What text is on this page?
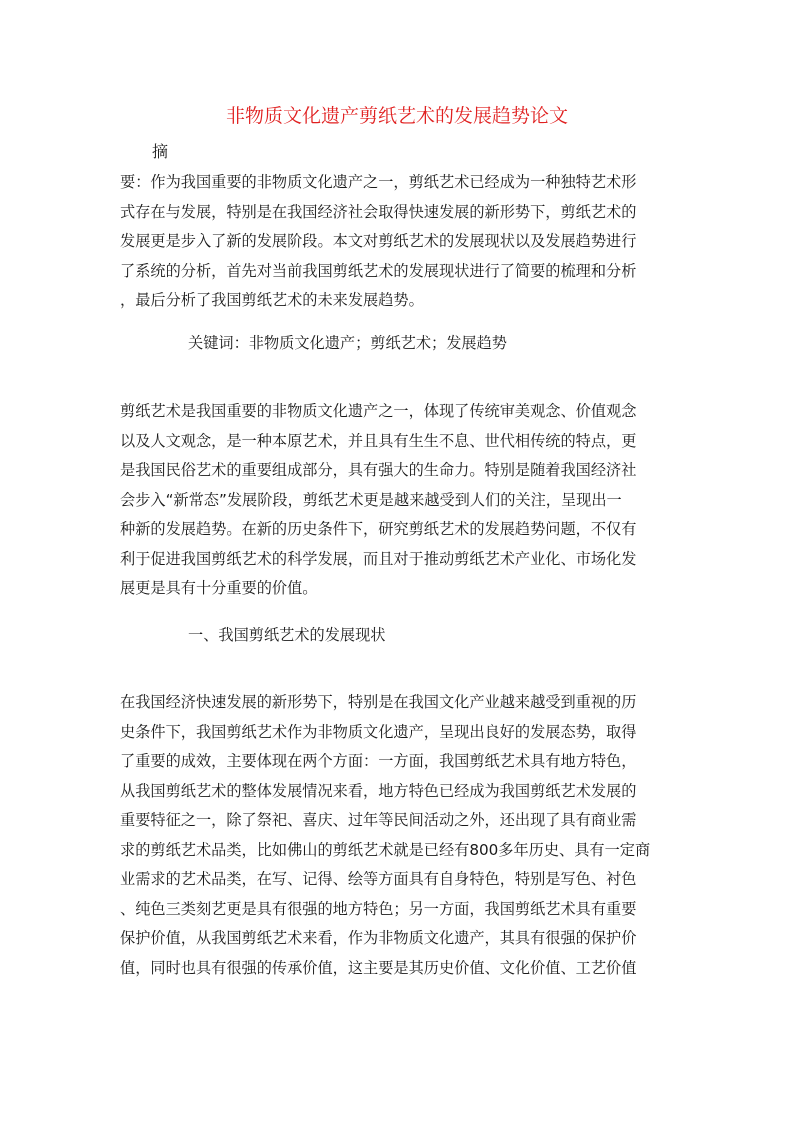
非物质文化遗产剪纸艺术的发展趋势论文
摘
要：作为我国重要的非物质文化遗产之一，剪纸艺术已经成为一种独特艺术形
式存在与发展，特别是在我国经济社会取得快速发展的新形势下，剪纸艺术的
发展更是步入了新的发展阶段。本文对剪纸艺术的发展现状以及发展趋势进行
了系统的分析，首先对当前我国剪纸艺术的发展现状进行了简要的梳理和分析
，最后分析了我国剪纸艺术的未来发展趋势。
关键词：非物质文化遗产；剪纸艺术；发展趋势
剪纸艺术是我国重要的非物质文化遗产之一，体现了传统审美观念、价值观念
以及人文观念，是一种本原艺术，并且具有生生不息、世代相传统的特点，更
是我国民俗艺术的重要组成部分，具有强大的生命力。特别是随着我国经济社
会步入“新常态”发展阶段，剪纸艺术更是越来越受到人们的关注，呈现出一
种新的发展趋势。在新的历史条件下，研究剪纸艺术的发展趋势问题，不仅有
利于促进我国剪纸艺术的科学发展，而且对于推动剪纸艺术产业化、市场化发
展更是具有十分重要的价值。
一、我国剪纸艺术的发展现状
在我国经济快速发展的新形势下，特别是在我国文化产业越来越受到重视的历
史条件下，我国剪纸艺术作为非物质文化遗产，呈现出良好的发展态势，取得
了重要的成效，主要体现在两个方面：一方面，我国剪纸艺术具有地方特色，
从我国剪纸艺术的整体发展情况来看，地方特色已经成为我国剪纸艺术发展的
重要特征之一，除了祭祀、喜庆、过年等民间活动之外，还出现了具有商业需
求的剪纸艺术品类，比如佛山的剪纸艺术就是已经有800多年历史、具有一定商
业需求的艺术品类，在写、记得、绘等方面具有自身特色，特别是写色、衬色
、纯色三类刻艺更是具有很强的地方特色；另一方面，我国剪纸艺术具有重要
保护价值，从我国剪纸艺术来看，作为非物质文化遗产，其具有很强的保护价
值，同时也具有很强的传承价值，这主要是其历史价值、文化价值、工艺价值
